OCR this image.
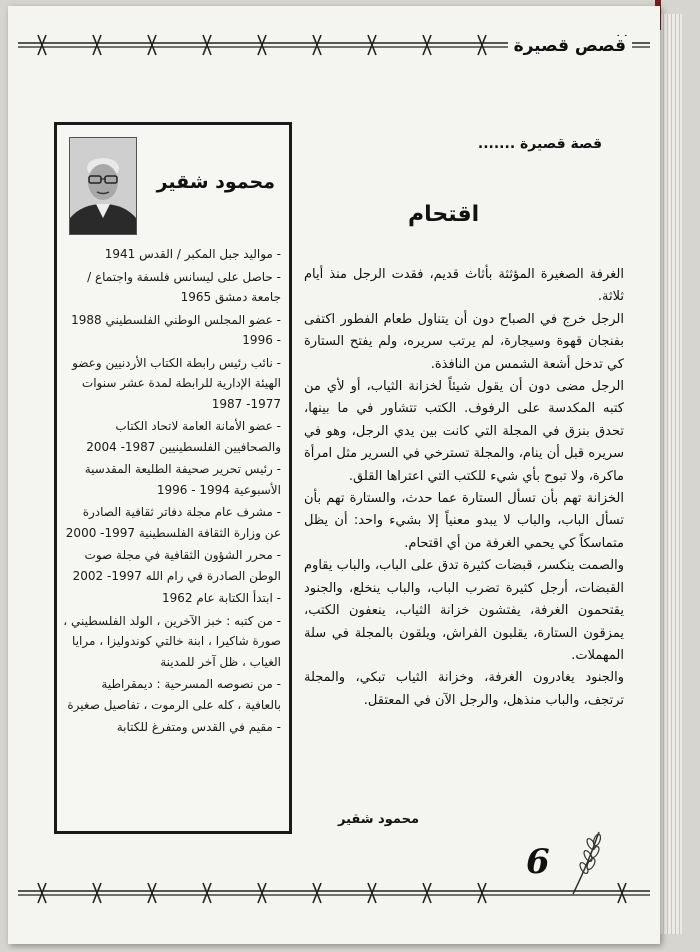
قصص قصيرة
محمود شقير
- مواليد جبل المكبر / القدس 1941
- حاصل على ليسانس فلسفة واجتماع / جامعة دمشق 1965
- عضو المجلس الوطني الفلسطيني 1988 - 1996
- نائب رئيس رابطة الكتاب الأردنيين وعضو الهيئة الإدارية للرابطة لمدة عشر سنوات 1977- 1987
- عضو الأمانة العامة لاتحاد الكتاب والصحافيين الفلسطينيين 1987- 2004
- رئيس تحرير صحيفة الطليعة المقدسية الأسبوعية 1994 - 1996
- مشرف عام مجلة دفاتر ثقافية الصادرة عن وزارة الثقافة الفلسطينية 1997- 2000
- محرر الشؤون الثقافية في مجلة صوت الوطن الصادرة في رام الله 1997- 2002
- ابتدأ الكتابة عام 1962
- من كتبه : خبز الآخرين ، الولد الفلسطيني ، صورة شاكيرا ، ابنة خالتي كوندوليزا ، مرايا الغياب ، ظل آخر للمدينة
- من نصوصه المسرحية : ديمقراطية بالعافية ، كله على الرموت ، تفاصيل صغيرة
- مقيم في القدس ومتفرغ للكتابة
قصة قصيرة .......
اقتحام

الغرفة الصغيرة المؤثثة بأثاث قديم، فقدت الرجل منذ أيام ثلاثة.

الرجل خرج في الصباح دون أن يتناول طعام الفطور اكتفى بفنجان قهوة وسيجارة، لم يرتب سريره، ولم يفتح الستارة كي تدخل أشعة الشمس من النافذة.

الرجل مضى دون أن يقول شيئاً لخزانة الثياب، أو لأي من كتبه المكدسة على الرفوف. الكتب تتشاور في ما بينها، تحدق بنزق في المجلة التي كانت بين يدي الرجل، وهو في سريره قبل أن ينام، والمجلة تسترخي في السرير مثل امرأة ماكرة، ولا تبوح بأي شيء للكتب التي اعتراها القلق.

الخزانة تهم بأن تسأل الستارة عما حدث، والستارة تهم بأن تسأل الباب، والباب لا يبدو معنياً إلا بشيء واحد: أن يظل متماسكاً كي يحمي الغرفة من أي اقتحام.

والصمت ينكسر، قبضات كثيرة تدق على الباب، والباب يقاوم القبضات، أرجل كثيرة تضرب الباب، والباب ينخلع، والجنود يقتحمون الغرفة، يفتشون خزانة الثياب، ينعفون الكتب، يمزقون الستارة، يقلبون الفراش، ويلقون بالمجلة في سلة المهملات.

والجنود يغادرون الغرفة، وخزانة الثياب تبكي، والمجلة ترتجف، والباب منذهل، والرجل الآن في المعتقل.

محمود شقير
6
